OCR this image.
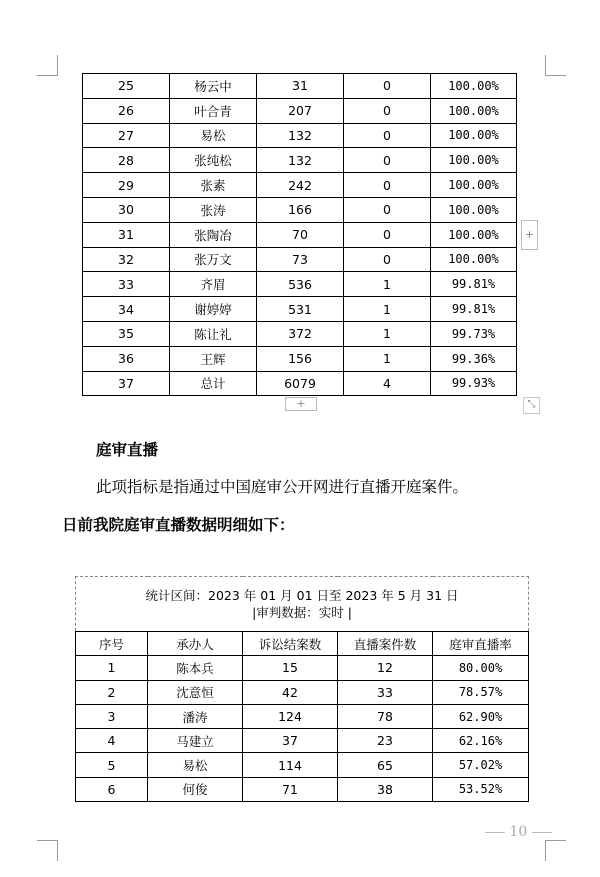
25	杨云中	31	0	100.00%
26	叶合青	207	0	100.00%
27	易松	132	0	100.00%
28	张纯松	132	0	100.00%
29	张素	242	0	100.00%
30	张涛	166	0	100.00%
31	张陶冶	70	0	100.00%
32	张万文	73	0	100.00%
33	齐眉	536	1	99.81%
34	谢婷婷	531	1	99.81%
35	陈让礼	372	1	99.73%
36	王辉	156	1	99.36%
37	总计	6079	4	99.93%
+
+	⤡
庭审直播
此项指标是指通过中国庭审公开网进行直播开庭案件。
日前我院庭审直播数据明细如下：
统计区间：2023 年 01 月 01 日至 2023 年 5 月 31 日
|审判数据：实时 |				

序号	承办人	诉讼结案数	直播案件数	庭审直播率
1	陈本兵	15	12	80.00%
2	沈意恒	42	33	78.57%
3	潘涛	124	78	62.90%
4	马建立	37	23	62.16%
5	易松	114	65	57.02%
6	何俊	71	38	53.52%
10
